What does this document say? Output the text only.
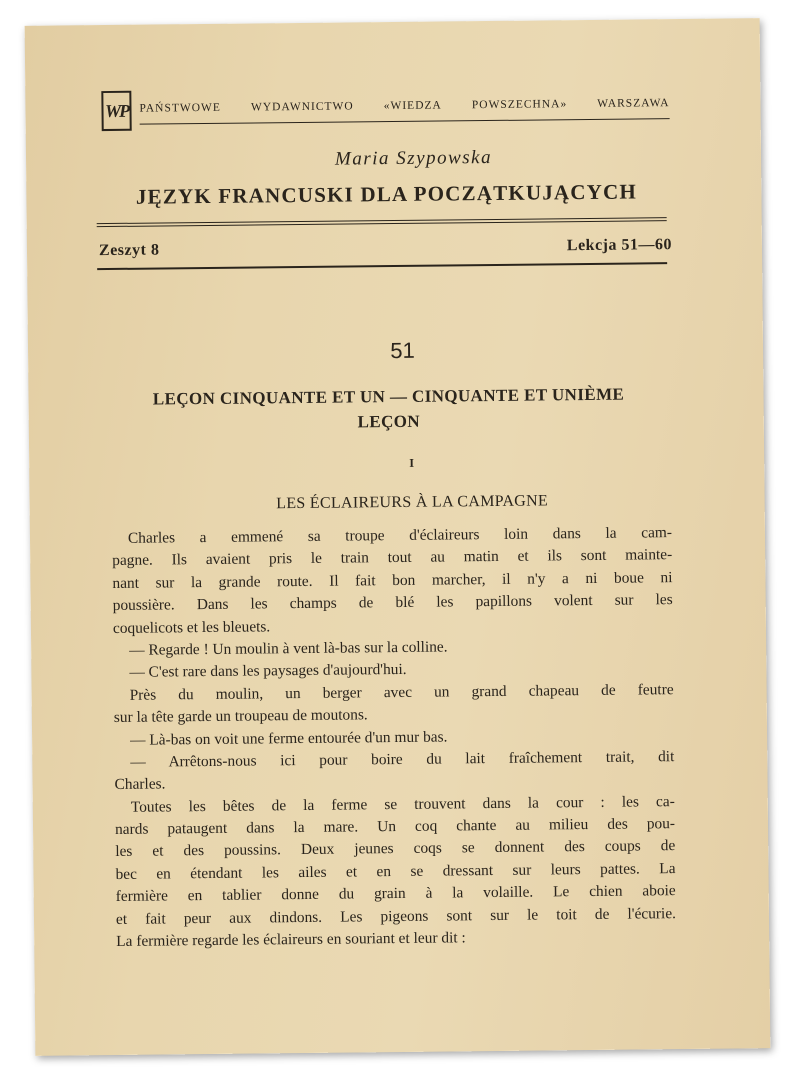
WP PAŃSTWOWE	WYDAWNICTWO	«WIEDZA	POWSZECHNA»	WARSZAWA
Maria Szypowska
JĘZYK FRANCUSKI DLA POCZĄTKUJĄCYCH
Zeszyt 8	Lekcja 51—60
51
LEÇON CINQUANTE ET UN — CINQUANTE ET UNIÈME
LEÇON
I
LES ÉCLAIREURS À LA CAMPAGNE
Charles a emmené sa troupe d'éclaireurs loin dans la cam-
pagne. Ils avaient pris le train tout au matin et ils sont mainte-
nant sur la grande route. Il fait bon marcher, il n'y a ni boue ni
poussière. Dans les champs de blé les papillons volent sur les
coquelicots et les bleuets.
— Regarde ! Un moulin à vent là-bas sur la colline.
— C'est rare dans les paysages d'aujourd'hui.
Près du moulin, un berger avec un grand chapeau de feutre
sur la tête garde un troupeau de moutons.
— Là-bas on voit une ferme entourée d'un mur bas.
— Arrêtons-nous ici pour boire du lait fraîchement trait, dit
Charles.
Toutes les bêtes de la ferme se trouvent dans la cour : les ca-
nards pataugent dans la mare. Un coq chante au milieu des pou-
les et des poussins. Deux jeunes coqs se donnent des coups de
bec en étendant les ailes et en se dressant sur leurs pattes. La
fermière en tablier donne du grain à la volaille. Le chien aboie
et fait peur aux dindons. Les pigeons sont sur le toit de l'écurie.
La fermière regarde les éclaireurs en souriant et leur dit :
